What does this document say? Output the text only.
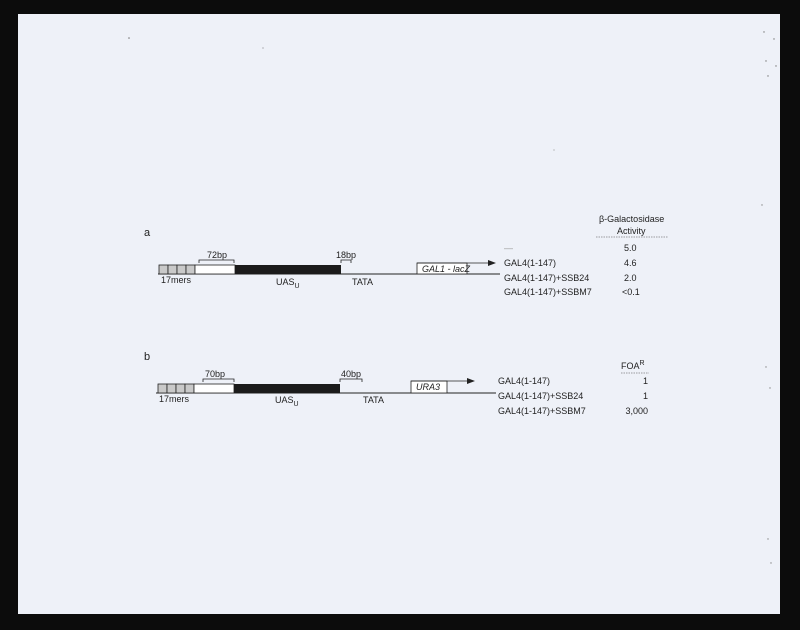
a
72bp	18bp
17mers	$UAS_U$	TATA
GAL1 - lacZ
β-Galactosidase
Activity
—	5.0
GAL4(1-147)	4.6
GAL4(1-147)+SSB24	2.0
GAL4(1-147)+SSBM7	<0.1
b
70bp	40bp
17mers	$UAS_U$	TATA
URA3
$FOA^R$
GAL4(1-147)	1
GAL4(1-147)+SSB24	1
GAL4(1-147)+SSBM7	3,000
